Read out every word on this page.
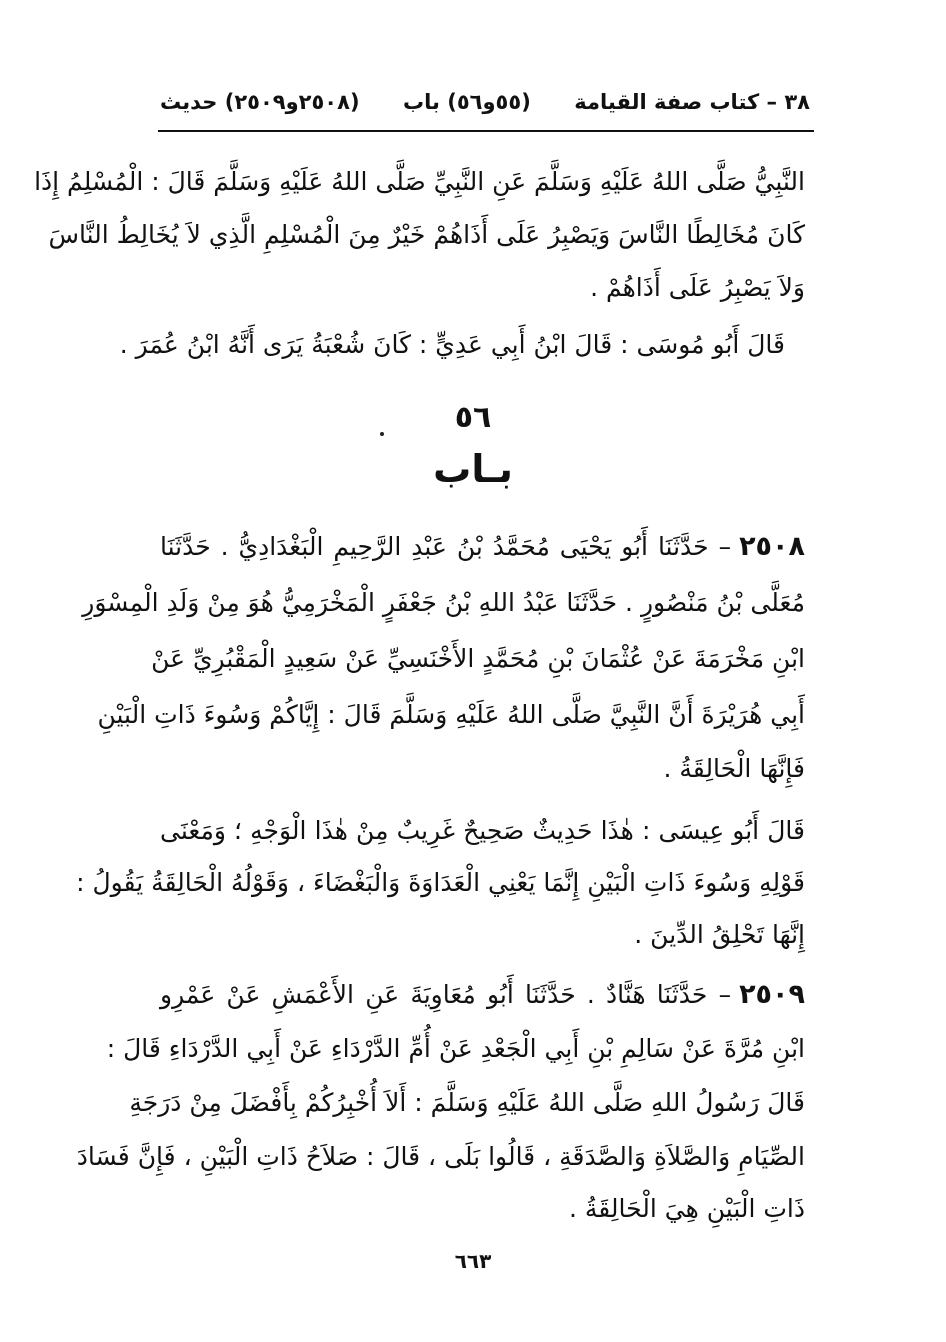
٣٨ – كتاب صفة القيامة
(٥٥و٥٦) باب
(٢٥٠٨و٢٥٠٩) حديث
النَّبِيُّ صَلَّى اللهُ عَلَيْهِ وَسَلَّمَ عَنِ النَّبِيِّ صَلَّى اللهُ عَلَيْهِ وَسَلَّمَ قَالَ : الْمُسْلِمُ إِذَا
كَانَ مُخَالِطًا النَّاسَ وَيَصْبِرُ عَلَى أَذَاهُمْ خَيْرٌ مِنَ الْمُسْلِمِ الَّذِي لاَ يُخَالِطُ النَّاسَ
وَلاَ يَصْبِرُ عَلَى أَذَاهُمْ .
قَالَ أَبُو مُوسَى : قَالَ ابْنُ أَبِي عَدِيٍّ : كَانَ شُعْبَةُ يَرَى أَنَّهُ ابْنُ عُمَرَ .
٥٦
بـاب
٢٥٠٨– حَدَّثَنَا أَبُو يَحْيَى مُحَمَّدُ بْنُ عَبْدِ الرَّحِيمِ الْبَغْدَادِيُّ . حَدَّثَنَا
مُعَلَّى بْنُ مَنْصُورٍ . حَدَّثَنَا عَبْدُ اللهِ بْنُ جَعْفَرٍ الْمَخْرَمِيُّ هُوَ مِنْ وَلَدِ الْمِسْوَرِ
ابْنِ مَخْرَمَةَ عَنْ عُثْمَانَ بْنِ مُحَمَّدٍ الأَخْنَسِيِّ عَنْ سَعِيدٍ الْمَقْبُرِيِّ عَنْ
أَبِي هُرَيْرَةَ أَنَّ النَّبِيَّ صَلَّى اللهُ عَلَيْهِ وَسَلَّمَ قَالَ : إِيَّاكُمْ وَسُوءَ ذَاتِ الْبَيْنِ
فَإِنَّهَا الْحَالِقَةُ .
قَالَ أَبُو عِيسَى : هٰذَا حَدِيثٌ صَحِيحٌ غَرِيبٌ مِنْ هٰذَا الْوَجْهِ ؛ وَمَعْنَى
قَوْلِهِ وَسُوءَ ذَاتِ الْبَيْنِ إِنَّمَا يَعْنِي الْعَدَاوَةَ وَالْبَغْضَاءَ ، وَقَوْلُهُ الْحَالِقَةُ يَقُولُ :
إِنَّهَا تَحْلِقُ الدِّينَ .
٢٥٠٩– حَدَّثَنَا هَنَّادٌ . حَدَّثَنَا أَبُو مُعَاوِيَةَ عَنِ الأَعْمَشِ عَنْ عَمْرِو
ابْنِ مُرَّةَ عَنْ سَالِمِ بْنِ أَبِي الْجَعْدِ عَنْ أُمِّ الدَّرْدَاءِ عَنْ أَبِي الدَّرْدَاءِ قَالَ :
قَالَ رَسُولُ اللهِ صَلَّى اللهُ عَلَيْهِ وَسَلَّمَ : أَلاَ أُخْبِرُكُمْ بِأَفْضَلَ مِنْ دَرَجَةِ
الصِّيَامِ وَالصَّلاَةِ وَالصَّدَقَةِ ، قَالُوا بَلَى ، قَالَ : صَلاَحُ ذَاتِ الْبَيْنِ ، فَإِنَّ فَسَادَ
ذَاتِ الْبَيْنِ هِيَ الْحَالِقَةُ .
٦٦٣
